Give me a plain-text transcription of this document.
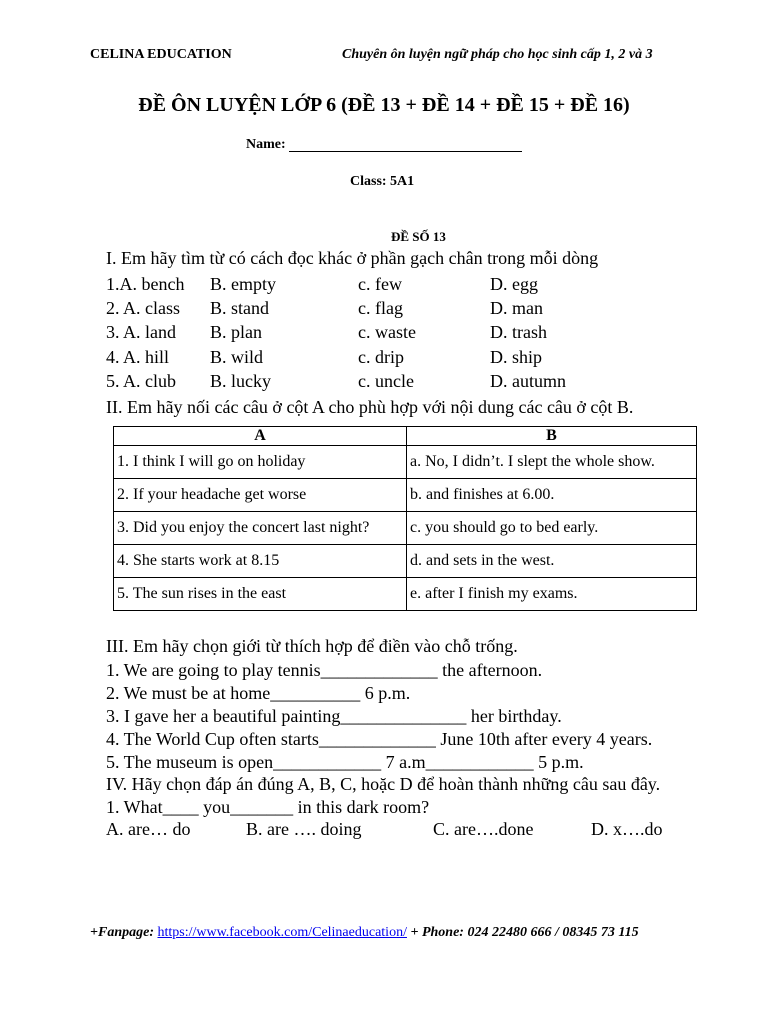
CELINA EDUCATION	Chuyên ôn luyện ngữ pháp cho học sinh cấp 1, 2 và 3
ĐỀ ÔN LUYỆN LỚP 6 (ĐỀ 13 + ĐỀ 14 + ĐỀ 15 + ĐỀ 16)
Name:
Class: 5A1
ĐỀ SỐ 13
I. Em hãy tìm từ có cách đọc khác ở phần gạch chân trong mỗi dòng
1.A. bench B. empty	c. few	D. egg
2. A. class B. stand	c. flag	D. man
3. A. land B. plan	c. waste	D. trash
4. A. hill B. wild	c. drip	D. ship
5. A. club B. lucky	c. uncle	D. autumn
II. Em hãy nối các câu ở cột A cho phù hợp với nội dung các câu ở cột B.
A	B
1. I think I will go on holiday	a. No, I didn’t. I slept the whole show.
2. If your headache get worse	b. and finishes at 6.00.
3. Did you enjoy the concert last night?	c. you should go to bed early.
4. She starts work at 8.15	d. and sets in the west.
5. The sun rises in the east	e. after I finish my exams.
III. Em hãy chọn giới từ thích hợp để điền vào chỗ trống.
1. We are going to play tennis_____________ the afternoon.
2. We must be at home__________ 6 p.m.
3. I gave her a beautiful painting______________ her birthday.
4. The World Cup often starts_____________ June 10th after every 4 years.
5. The museum is open____________ 7 a.m____________ 5 p.m.
IV. Hãy chọn đáp án đúng A, B, C, hoặc D để hoàn thành những câu sau đây.
1. What____ you_______ in this dark room?
A. are… do	B. are …. doing	C. are….done	D. x….do
+Fanpage: https://www.facebook.com/Celinaeducation/ + Phone: 024 22480 666 / 08345 73 115
